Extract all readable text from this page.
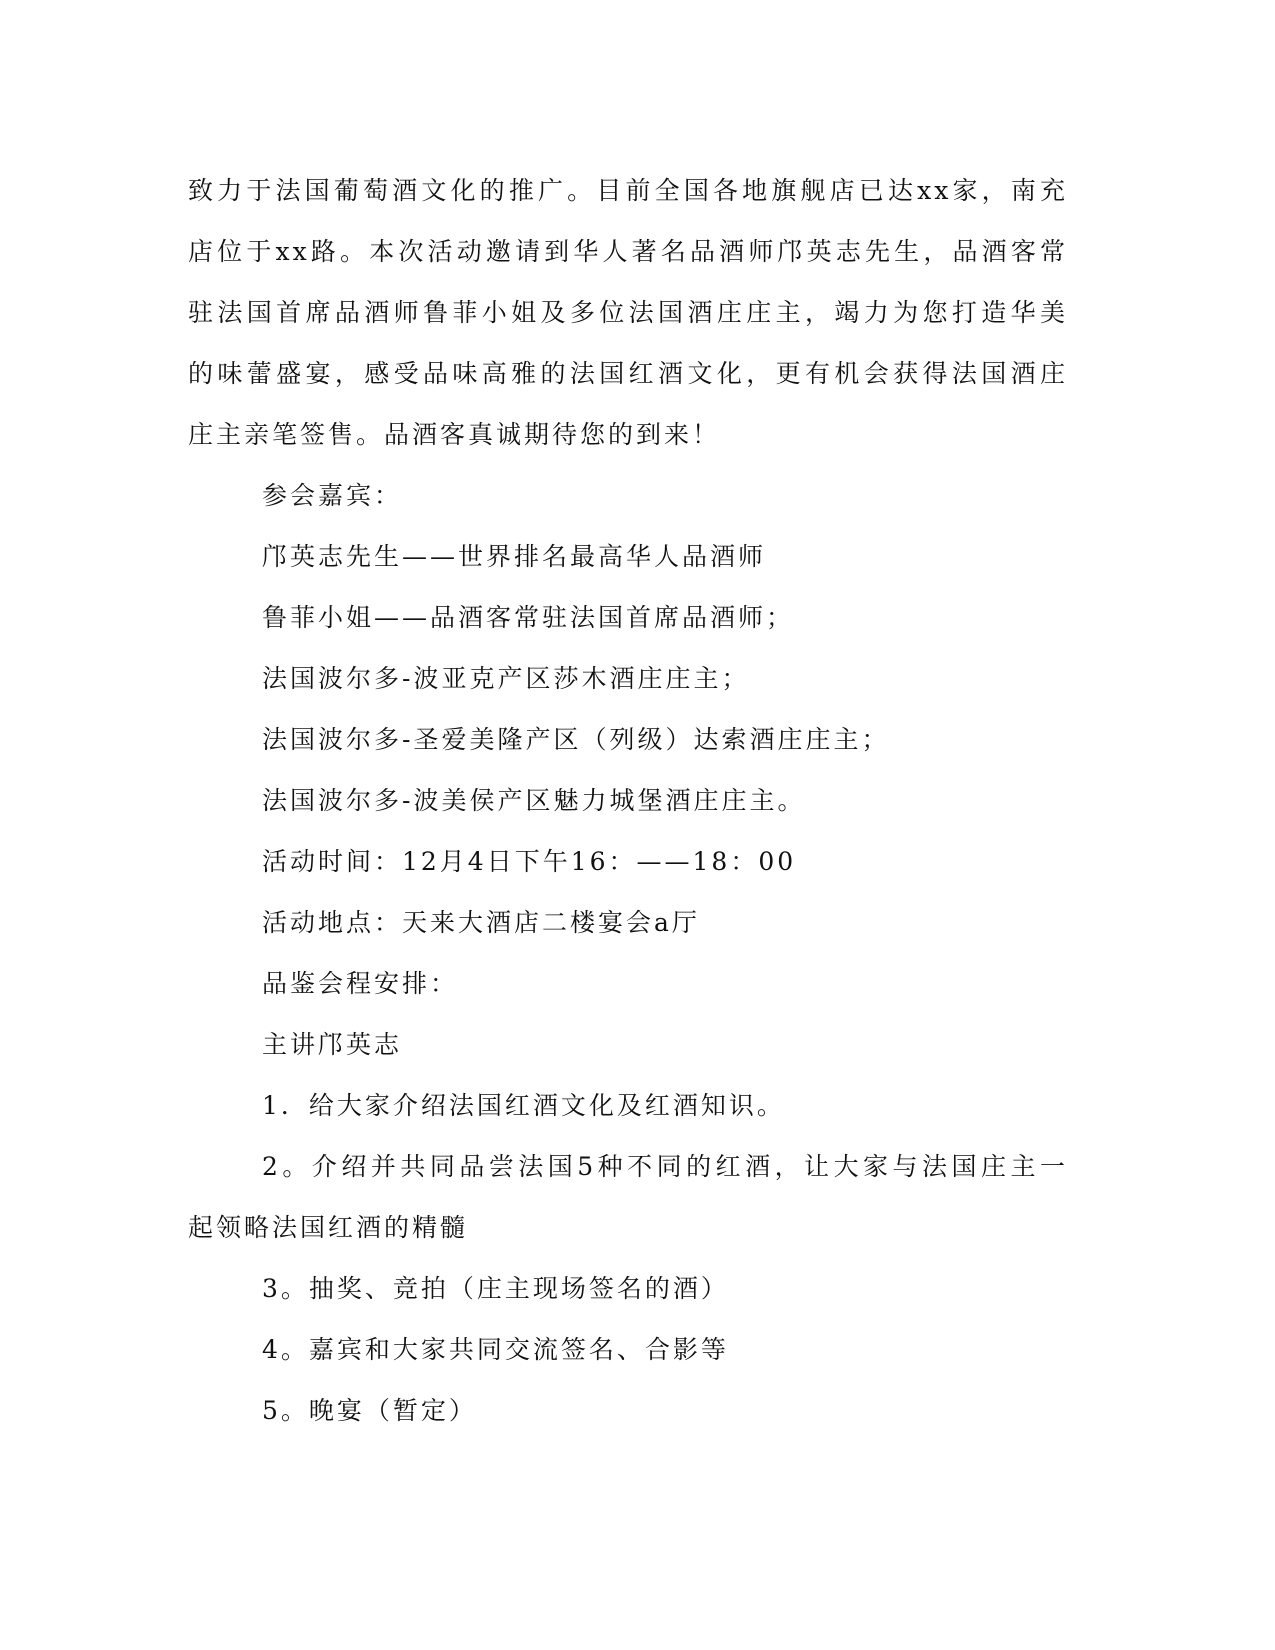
致力于法国葡萄酒文化的推广。目前全国各地旗舰店已达xx家，南充

店位于xx路。本次活动邀请到华人著名品酒师邝英志先生，品酒客常

驻法国首席品酒师鲁菲小姐及多位法国酒庄庄主，竭力为您打造华美

的味蕾盛宴，感受品味高雅的法国红酒文化，更有机会获得法国酒庄

庄主亲笔签售。品酒客真诚期待您的到来！

参会嘉宾：

邝英志先生——世界排名最高华人品酒师

鲁菲小姐——品酒客常驻法国首席品酒师；

法国波尔多-波亚克产区莎木酒庄庄主；

法国波尔多-圣爱美隆产区（列级）达索酒庄庄主；

法国波尔多-波美侯产区魅力城堡酒庄庄主。

活动时间：12月4日下午16：——18：00

活动地点：天来大酒店二楼宴会a厅

品鉴会程安排：

主讲邝英志

1．给大家介绍法国红酒文化及红酒知识。

2。介绍并共同品尝法国5种不同的红酒，让大家与法国庄主一

起领略法国红酒的精髓

3。抽奖、竞拍（庄主现场签名的酒）

4。嘉宾和大家共同交流签名、合影等

5。晚宴（暂定）
